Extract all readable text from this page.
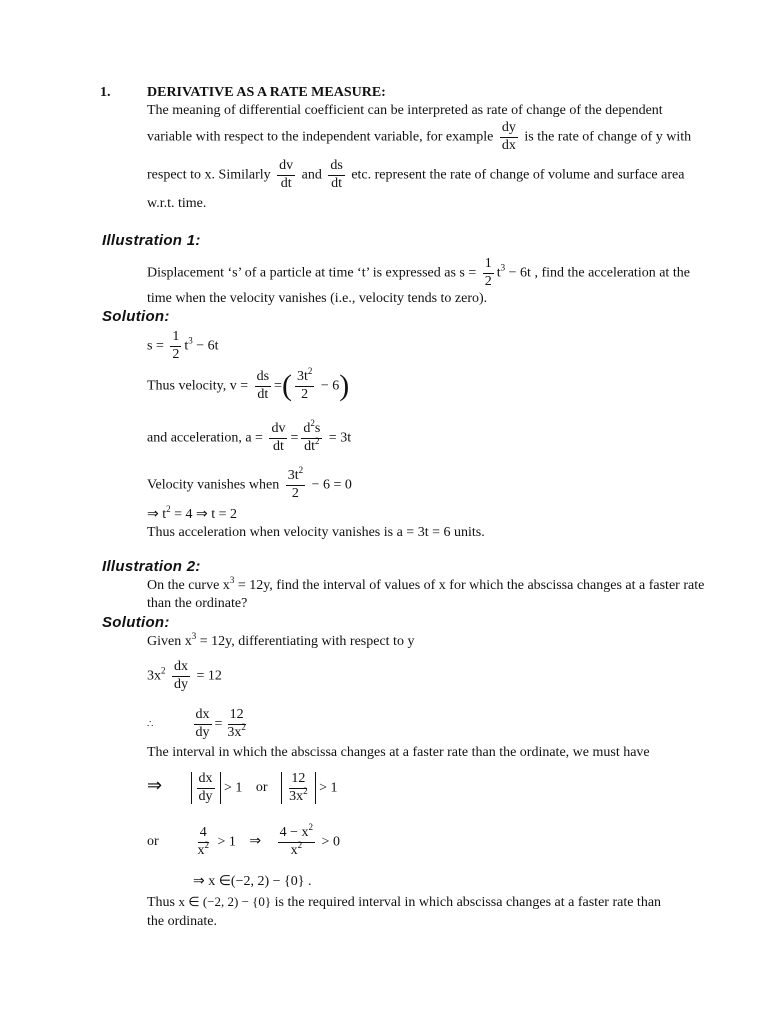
1.	DERIVATIVE AS A RATE MEASURE:
The meaning of differential coefficient can be interpreted as rate of change of the dependent
variable with respect to the independent variable, for example $\frac{dy}{dx}$ is the rate of change of y with
respect to x. Similarly $\frac{dv}{dt}$ and $\frac{ds}{dt}$ etc. represent the rate of change of volume and surface area
w.r.t. time.
Illustration 1:
Displacement ‘s’ of a particle at time ‘t’ is expressed as $s = \frac{1}{2} t^3 - 6t$ , find the acceleration at the
time when the velocity vanishes (i.e., velocity tends to zero).
Solution:
$s = \frac{1}{2} t^3 - 6t$
Thus velocity, $v = \frac{ds}{dt}$ =( $\frac{3t^2}{2} - 6$)
and acceleration, $a = \frac{dv}{dt} = \frac{d^2s}{dt^2} = 3t$
Velocity vanishes when $\frac{3t^2}{2} - 6 = 0$
⇒ $t^2 = 4$ ⇒ t = 2
Thus acceleration when velocity vanishes is a = 3t = 6 units.
Illustration 2:
On the curve $x^3 = 12y$, find the interval of values of x for which the abscissa changes at a faster rate
than the ordinate?
Solution:
Given $x^3 = 12y$, differentiating with respect to y
$3x^2 \frac{dx}{dy} = 12$
∴	$\frac{dx}{dy} = \frac{12}{3x^2}$
The interval in which the abscissa changes at a faster rate than the ordinate, we must have
⇒ $\frac{dx}{dy} > 1$ or $\frac{12}{3x^2} > 1$
or	$\frac{4}{x^2} > 1$ ⇒ $\frac{4 - x^2}{x^2} > 0$
⇒ x ∈(−2, 2) − {0} .
Thus x ∈ (−2, 2) − {0} is the required interval in which abscissa changes at a faster rate than
the ordinate.
